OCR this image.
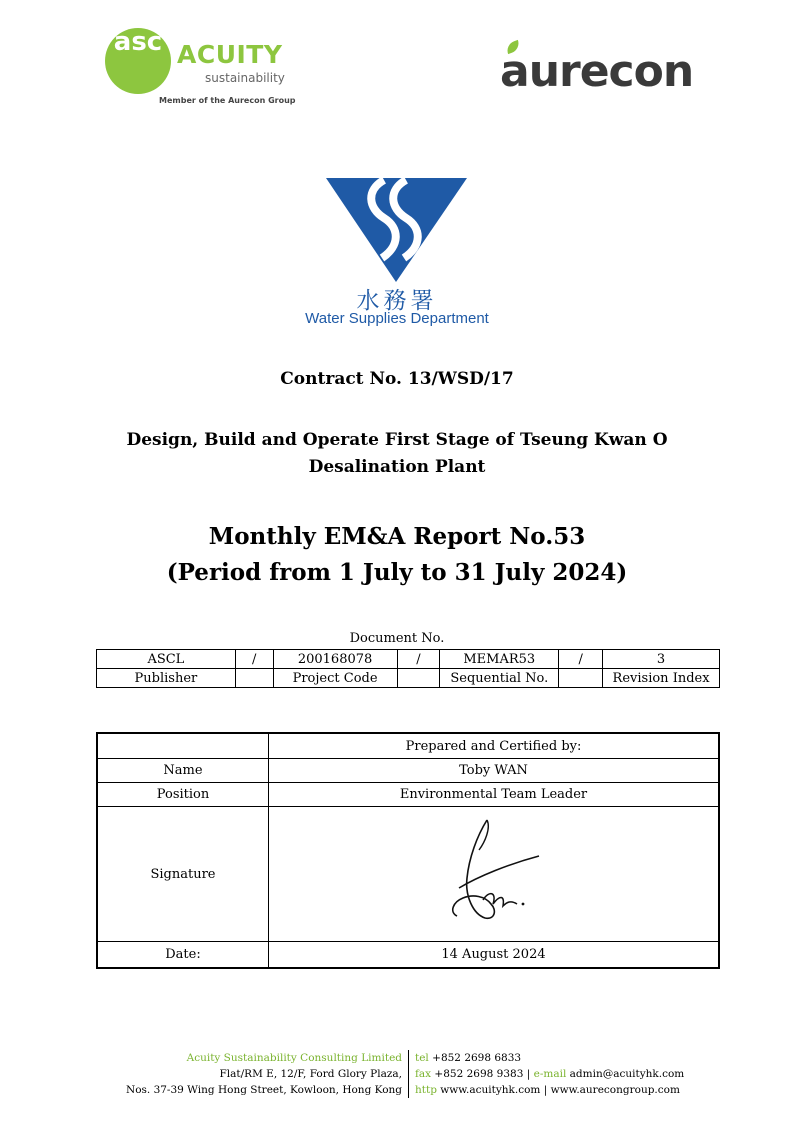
asc ACUITY
sustainability
Member of the Aurecon Group
aurecon
水務署
Water Supplies Department
Contract No. 13/WSD/17
Design, Build and Operate First Stage of Tseung Kwan O Desalination Plant
Monthly EM&A Report No.53
(Period from 1 July to 31 July 2024)
Document No.
ASCL	/	200168078	/	MEMAR53	/	3
Publisher		Project Code		Sequential No.		Revision Index
	Prepared and Certified by:
Name	Toby WAN
Position	Environmental Team Leader
Signature	
Date:	14 August 2024
Acuity Sustainability Consulting Limited
Flat/RM E, 12/F, Ford Glory Plaza,
Nos. 37-39 Wing Hong Street, Kowloon, Hong Kong
tel +852 2698 6833
fax +852 2698 9383 | e-mail admin@acuityhk.com
http www.acuityhk.com | www.aurecongroup.com
